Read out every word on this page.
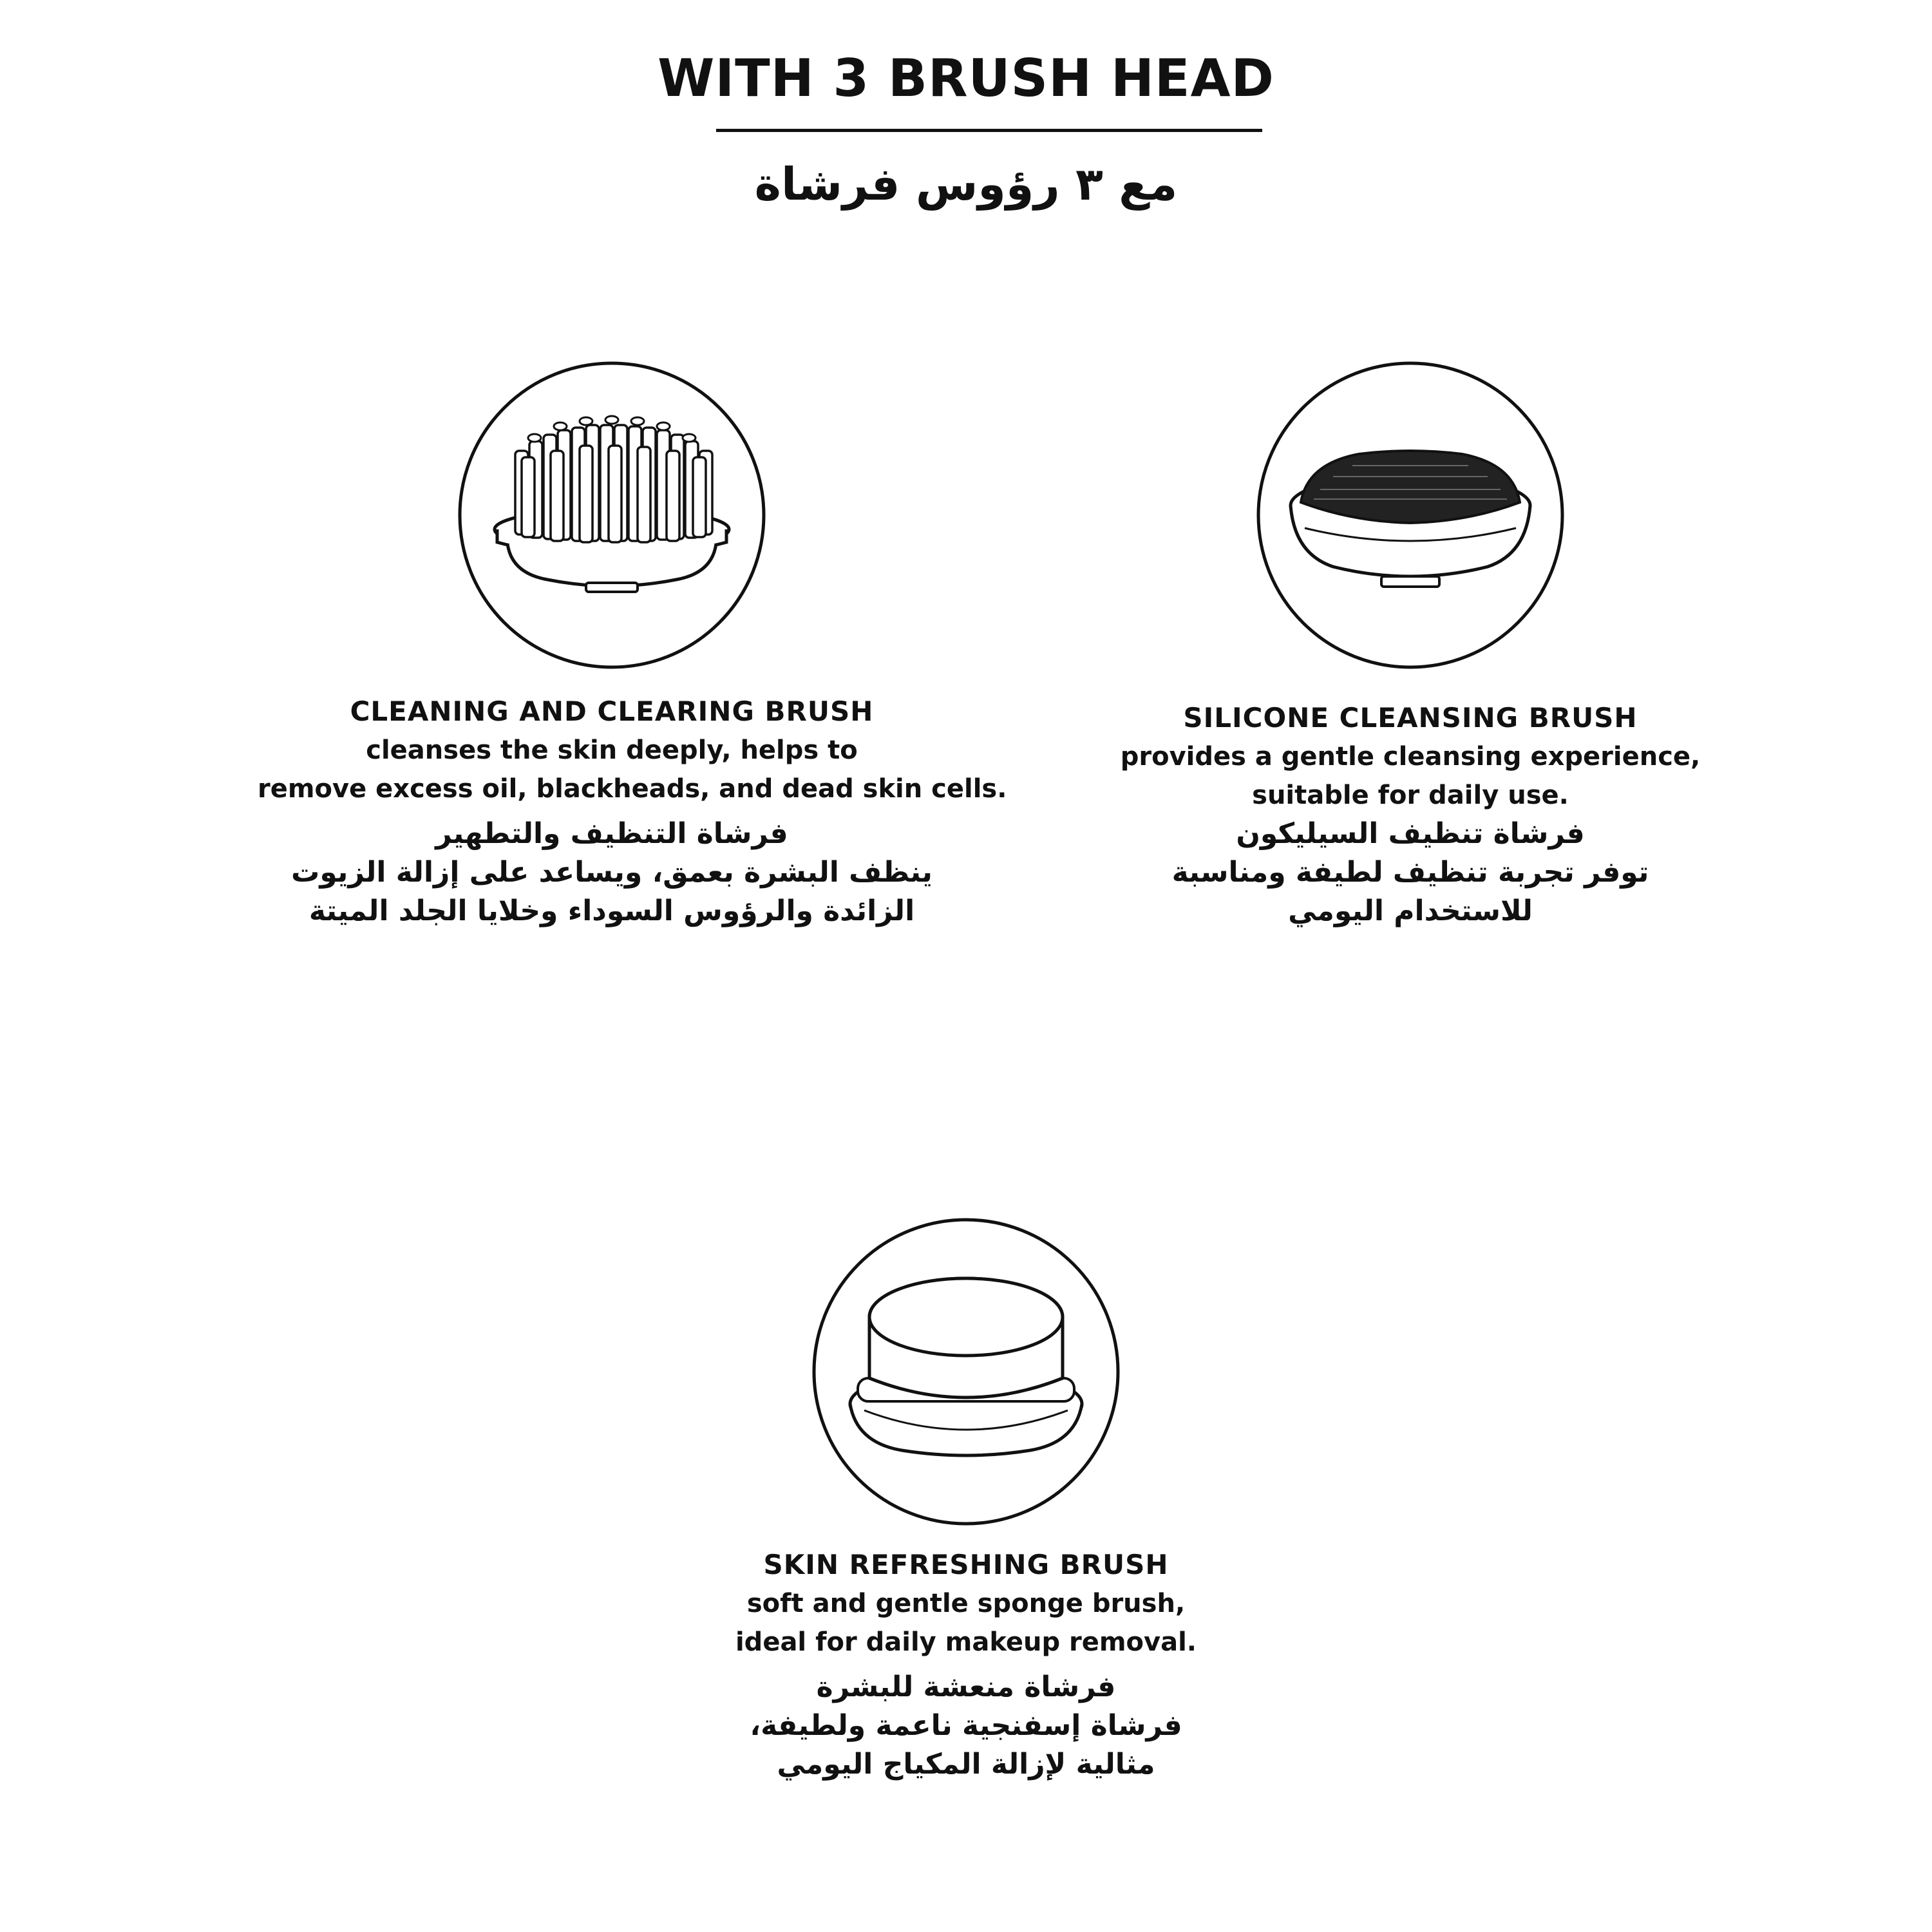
WITH 3 BRUSH HEAD
مع ٣ رؤوس فرشاة
CLEANING AND CLEARING BRUSH
cleanses the skin deeply, helps to
remove excess oil, blackheads, and dead skin cells.
فرشاة التنظيف والتطهير
ينظف البشرة بعمق، ويساعد على إزالة الزيوت
الزائدة والرؤوس السوداء وخلايا الجلد الميتة
SILICONE CLEANSING BRUSH
provides a gentle cleansing experience,
suitable for daily use.
فرشاة تنظيف السيليكون
توفر تجربة تنظيف لطيفة ومناسبة
للاستخدام اليومي
SKIN REFRESHING BRUSH
soft and gentle sponge brush,
ideal for daily makeup removal.
فرشاة منعشة للبشرة
فرشاة إسفنجية ناعمة ولطيفة،
مثالية لإزالة المكياج اليومي
